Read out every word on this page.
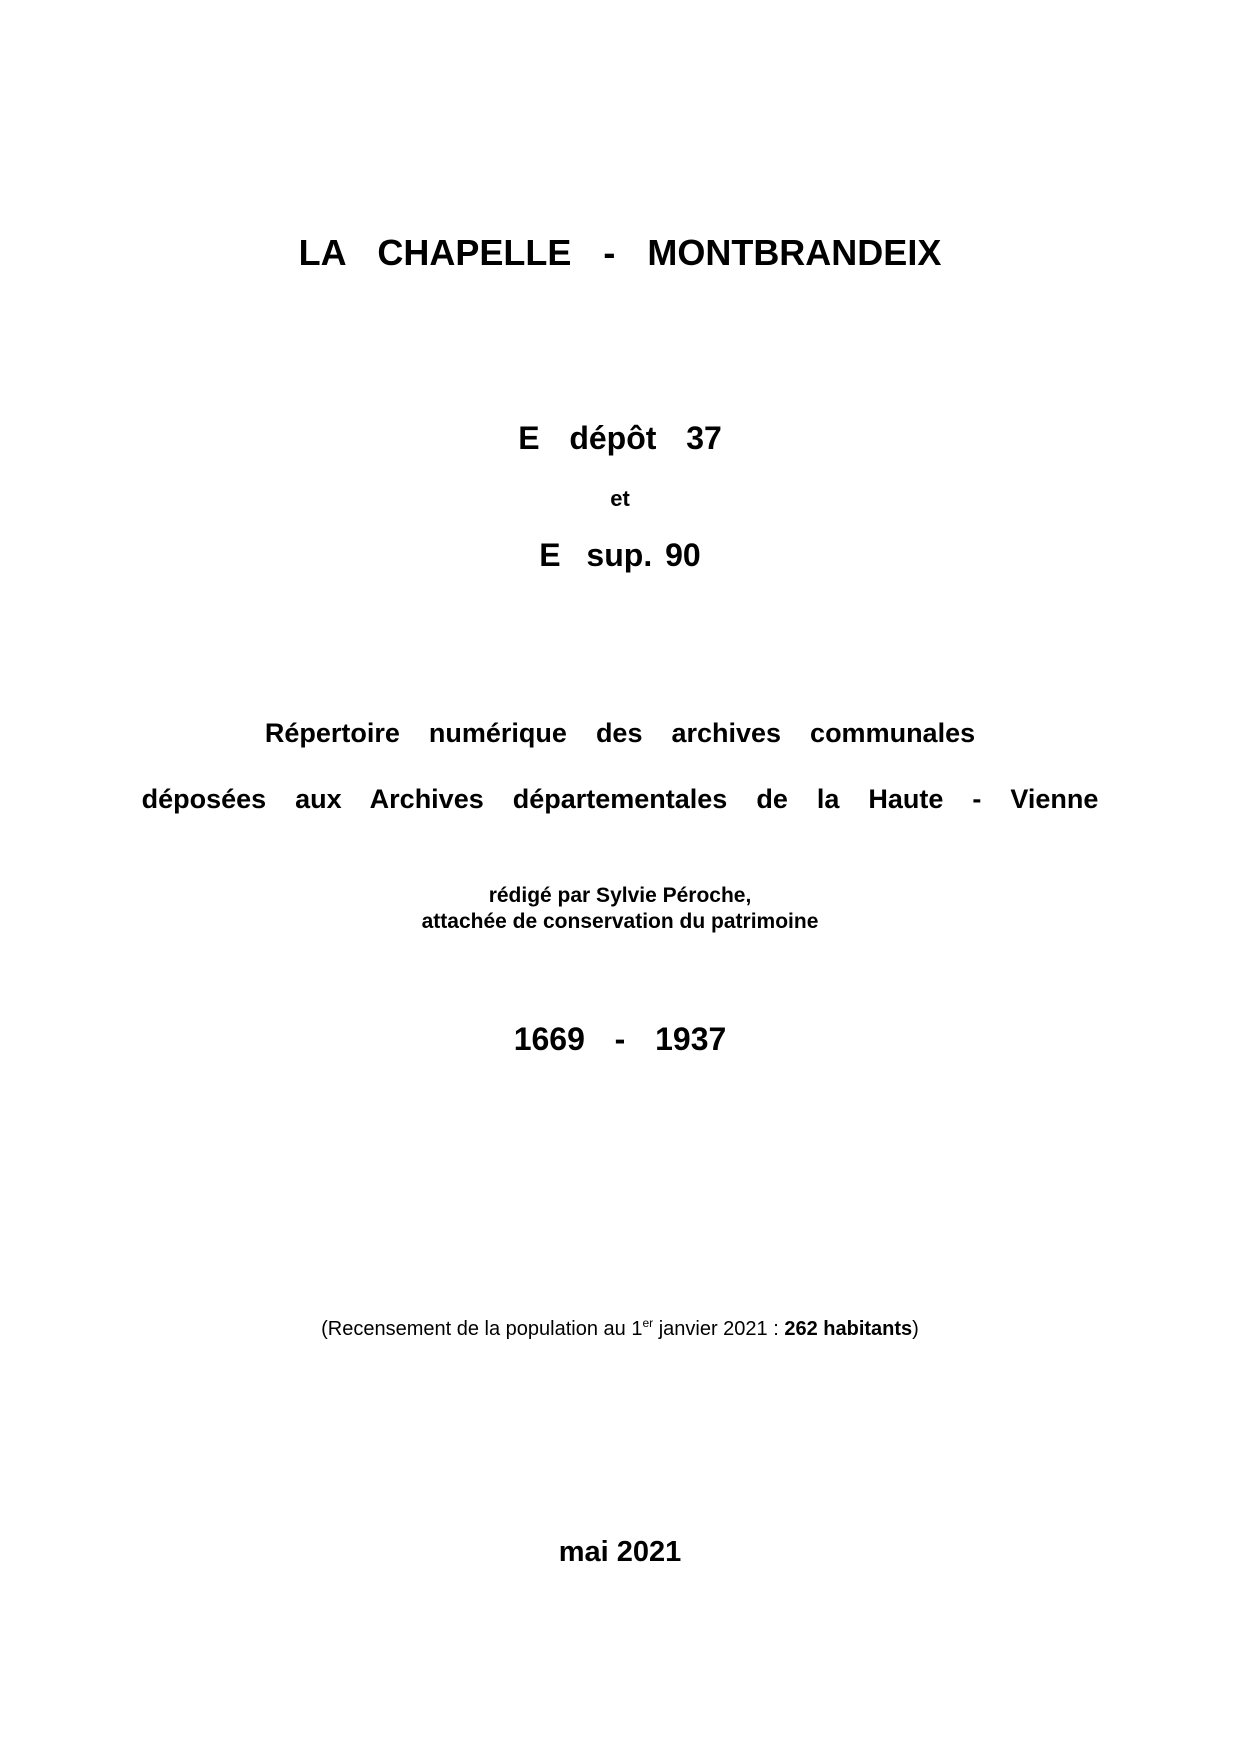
LA  CHAPELLE  -  MONTBRANDEIX
E  dépôt  37
et
E  sup. 90
Répertoire  numérique  des  archives  communales
déposées  aux  Archives  départementales  de  la  Haute  -  Vienne
rédigé par Sylvie Péroche,
attachée de conservation du patrimoine
1669  -  1937
(Recensement de la population au 1er janvier 2021 : 262 habitants)
mai 2021
